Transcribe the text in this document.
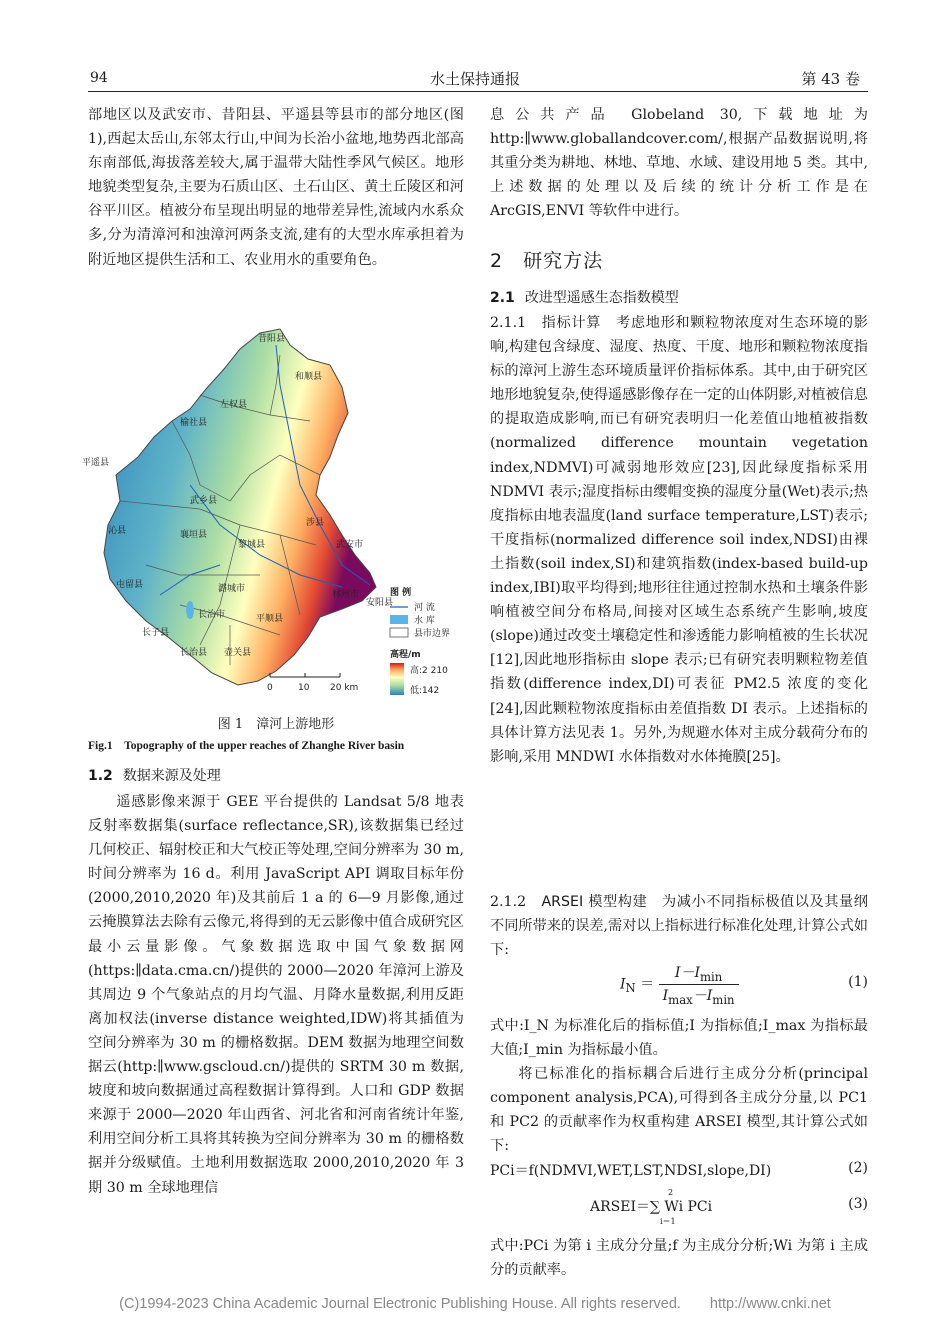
94	水土保持通报	第 43 卷

部地区以及武安市、昔阳县、平遥县等县市的部分地区(图 1),西起太岳山,东邻太行山,中间为长治小盆地,地势西北部高东南部低,海拔落差较大,属于温带大陆性季风气候区。地形地貌类型复杂,主要为石质山区、土石山区、黄土丘陵区和河谷平川区。植被分布呈现出明显的地带差异性,流域内水系众多,分为清漳河和浊漳河两条支流,建有的大型水库承担着为附近地区提供生活和工、农业用水的重要角色。

昔阳县
和顺县
榆社县
左权县
平遥县
武乡县
涉县
武安市
沁县	襄垣县
黎城县
屯留县	潞城市
长治市	平顺县
长子县
长治县 壶关县
林州市
安阳县
图 例
河 流
水 库
县市边界
高程/m
高:2 210
低:142
0	10 20 km
图 1　漳河上游地形
Fig.1　Topography of the upper reaches of Zhanghe River basin

1.2 数据来源及处理

遥感影像来源于 GEE 平台提供的 Landsat 5/8 地表反射率数据集(surface reflectance,SR),该数据集已经过几何校正、辐射校正和大气校正等处理,空间分辨率为 30 m,时间分辨率为 16 d。利用 JavaScript API 调取目标年份(2000,2010,2020 年)及其前后 1 a 的 6—9 月影像,通过云掩膜算法去除有云像元,将得到的无云影像中值合成研究区最小云量影像。气象数据选取中国气象数据网(https:∥data.cma.cn/)提供的 2000—2020 年漳河上游及其周边 9 个气象站点的月均气温、月降水量数据,利用反距离加权法(inverse distance weighted,IDW)将其插值为空间分辨率为 30 m 的栅格数据。DEM 数据为地理空间数据云(http:∥www.gscloud.cn/)提供的 SRTM 30 m 数据,坡度和坡向数据通过高程数据计算得到。人口和 GDP 数据来源于 2000—2020 年山西省、河北省和河南省统计年鉴,利用空间分析工具将其转换为空间分辨率为 30 m 的栅格数据并分级赋值。土地利用数据选取 2000,2010,2020 年 3 期 30 m 全球地理信

息公共产品 Globeland 30,下载地址为 http:∥www.globallandcover.com/,根据产品数据说明,将其重分类为耕地、林地、草地、水域、建设用地 5 类。其中,上述数据的处理以及后续的统计分析工作是在 ArcGIS,ENVI 等软件中进行。

2　 研究方法

2.1 改进型遥感生态指数模型

2.1.1　 指标计算　 考虑地形和颗粒物浓度对生态环境的影响,构建包含绿度、湿度、热度、干度、地形和颗粒物浓度指标的漳河上游生态环境质量评价指标体系。其中,由于研究区地形地貌复杂,使得遥感影像存在一定的山体阴影,对植被信息的提取造成影响,而已有研究表明归一化差值山地植被指数(normalized difference mountain vegetation index,NDMVI)可减弱地形效应[23],因此绿度指标采用 NDMVI 表示;湿度指标由缨帽变换的湿度分量(Wet)表示;热度指标由地表温度(land surface temperature,LST)表示;干度指标(normalized difference soil index,NDSI)由裸土指数(soil index,SI)和建筑指数(index-based build-up index,IBI)取平均得到;地形往往通过控制水热和土壤条件影响植被空间分布格局,间接对区域生态系统产生影响,坡度(slope)通过改变土壤稳定性和渗透能力影响植被的生长状况[12],因此地形指标由 slope 表示;已有研究表明颗粒物差值指数(difference index,DI)可表征 PM2.5 浓度的变化[24],因此颗粒物浓度指标由差值指数 DI 表示。上述指标的具体计算方法见表 1。另外,为规避水体对主成分载荷分布的影响,采用 MNDWI 水体指数对水体掩膜[25]。
2.1.2　 ARSEI 模型构建　 为减小不同指标极值以及其量纲不同所带来的误差,需对以上指标进行标准化处理,计算公式如下:
$I_N = \frac{I-I_{min}}{I_{max}-I_{min}}$	(1)

式中:I_N 为标准化后的指标值;I 为指标值;I_max 为指标最大值;I_min 为指标最小值。

将已标准化的指标耦合后进行主成分分析(principal component analysis,PCA),可得到各主成分分量,以 PC1 和 PC2 的贡献率作为权重构建 ARSEI 模型,其计算公式如下:

PCi＝f(NDMVI,WET,LST,NDSI,slope,DI)	(2)
ARSEI＝∑ Wi PCi
2
i＝1
(3)

式中:PCi 为第 i 主成分分量;f 为主成分分析;Wi 为第 i 主成分的贡献率。

(C)1994-2023 China Academic Journal Electronic Publishing House. All rights reserved.　　http://www.cnki.net
